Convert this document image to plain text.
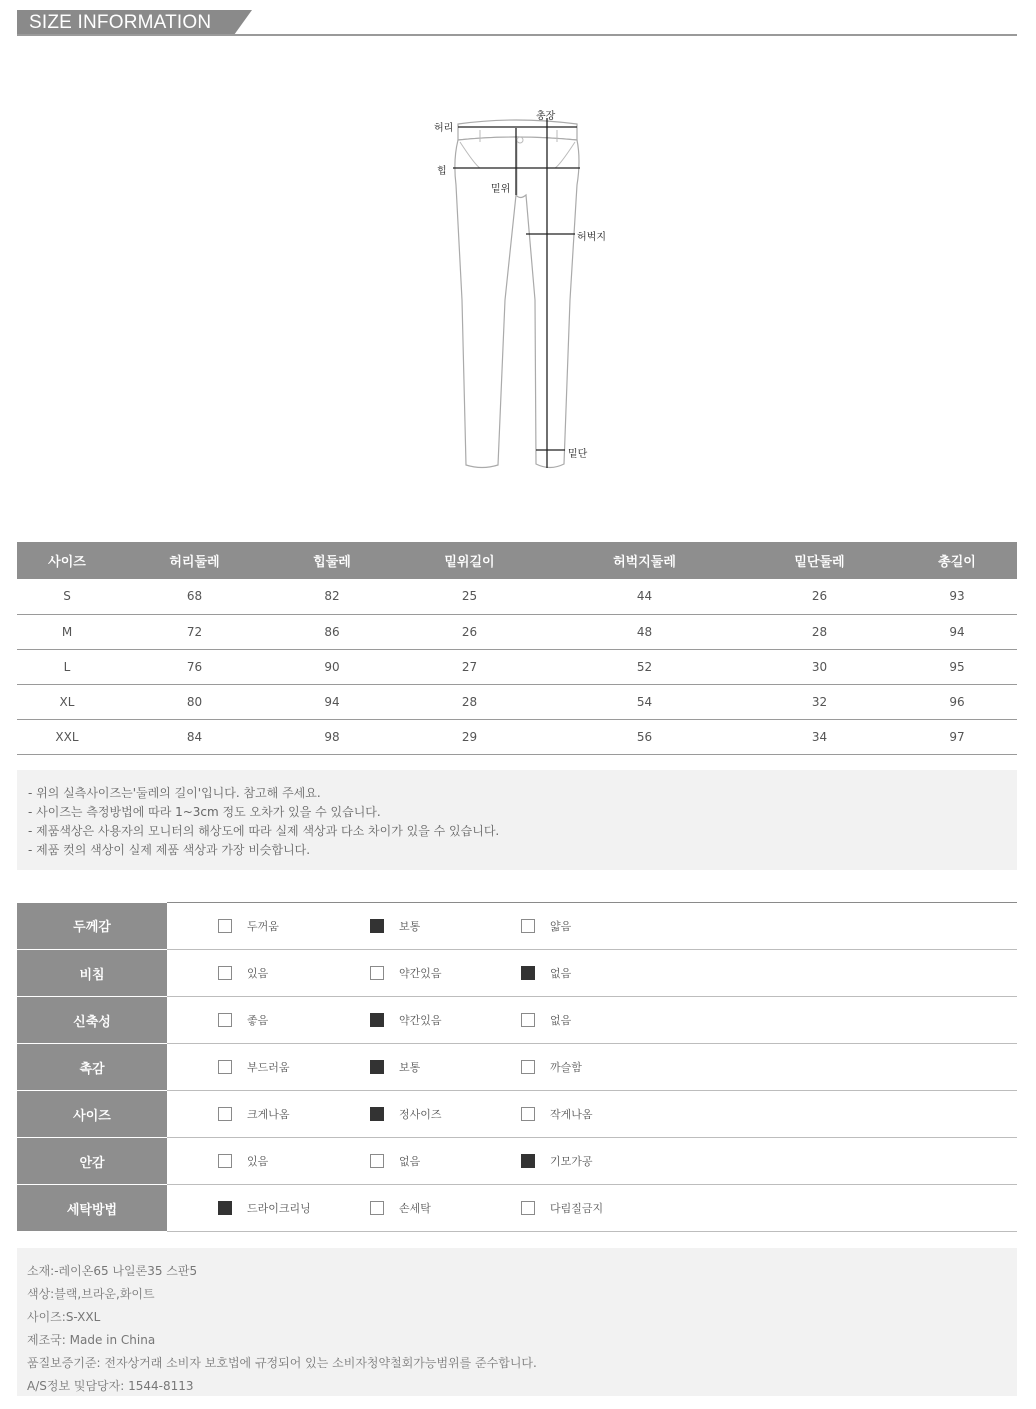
SIZE INFORMATION
허리
총장
힙
밑위
허벅지
밑단
사이즈	허리둘레	힙둘레	밑위길이	허벅지둘레	밑단둘레	총길이
S	68	82	25	44	26	93
M	72	86	26	48	28	94
L	76	90	27	52	30	95
XL	80	94	28	54	32	96
XXL	84	98	29	56	34	97
- 위의 실측사이즈는'둘레의 길이'입니다. 참고해 주세요.
- 사이즈는 측정방법에 따라 1~3cm 정도 오차가 있을 수 있습니다.
- 제품색상은 사용자의 모니터의 해상도에 따라 실제 색상과 다소 차이가 있을 수 있습니다.
- 제품 컷의 색상이 실제 제품 색상과 가장 비슷합니다.
두께감	두꺼움 보통 얇음

비침	있음 약간있음 없음

신축성	좋음 약간있음 없음

촉감	부드러움 보통 까슬함

사이즈	크게나옴 정사이즈 작게나옴

안감	있음 없음 기모가공

세탁방법	드라이크리닝 손세탁 다림질금지
소재:-레이온65 나일론35 스판5
색상:블랙,브라운,화이트
사이즈:S-XXL
제조국: Made in China
품질보증기준: 전자상거래 소비자 보호법에 규정되어 있는 소비자청약철회가능범위를 준수합니다.
A/S정보 및담당자: 1544-8113
